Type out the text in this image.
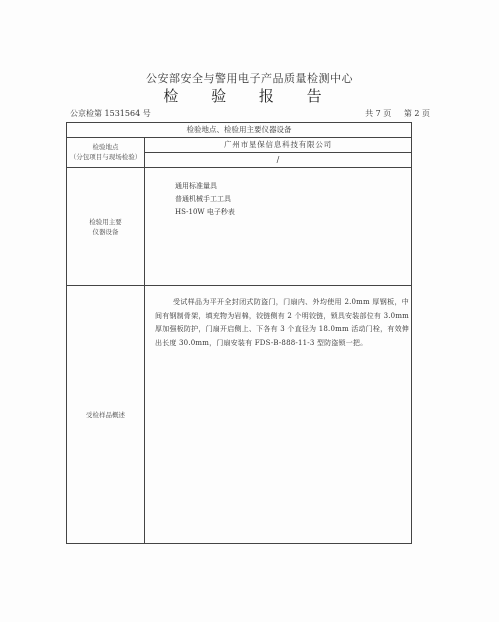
公安部安全与警用电子产品质量检测中心
检 验 报 告
公京检第 1531564 号	共 7 页 第 2 页
检验地点、检验用主要仪器设备
检验地点
（分包项目与现场检验）
广州市星保信息科技有限公司
/
检验用主要
仪器设备
通用标准量具
普通机械手工工具
HS-10W 电子秒表
受检样品概述
受试样品为平开全封闭式防盗门，门扇内、外均使用 2.0mm 厚钢板，中间有钢制骨架，填充物为岩棉，铰链侧有 2 个明铰链，锁具安装部位有 3.0mm 厚加强板防护，门扇开启侧上、下各有 3 个直径为 18.0mm 活动门栓，有效伸出长度 30.0mm，门扇安装有 FDS-B-888-11-3 型防盗锁一把。
